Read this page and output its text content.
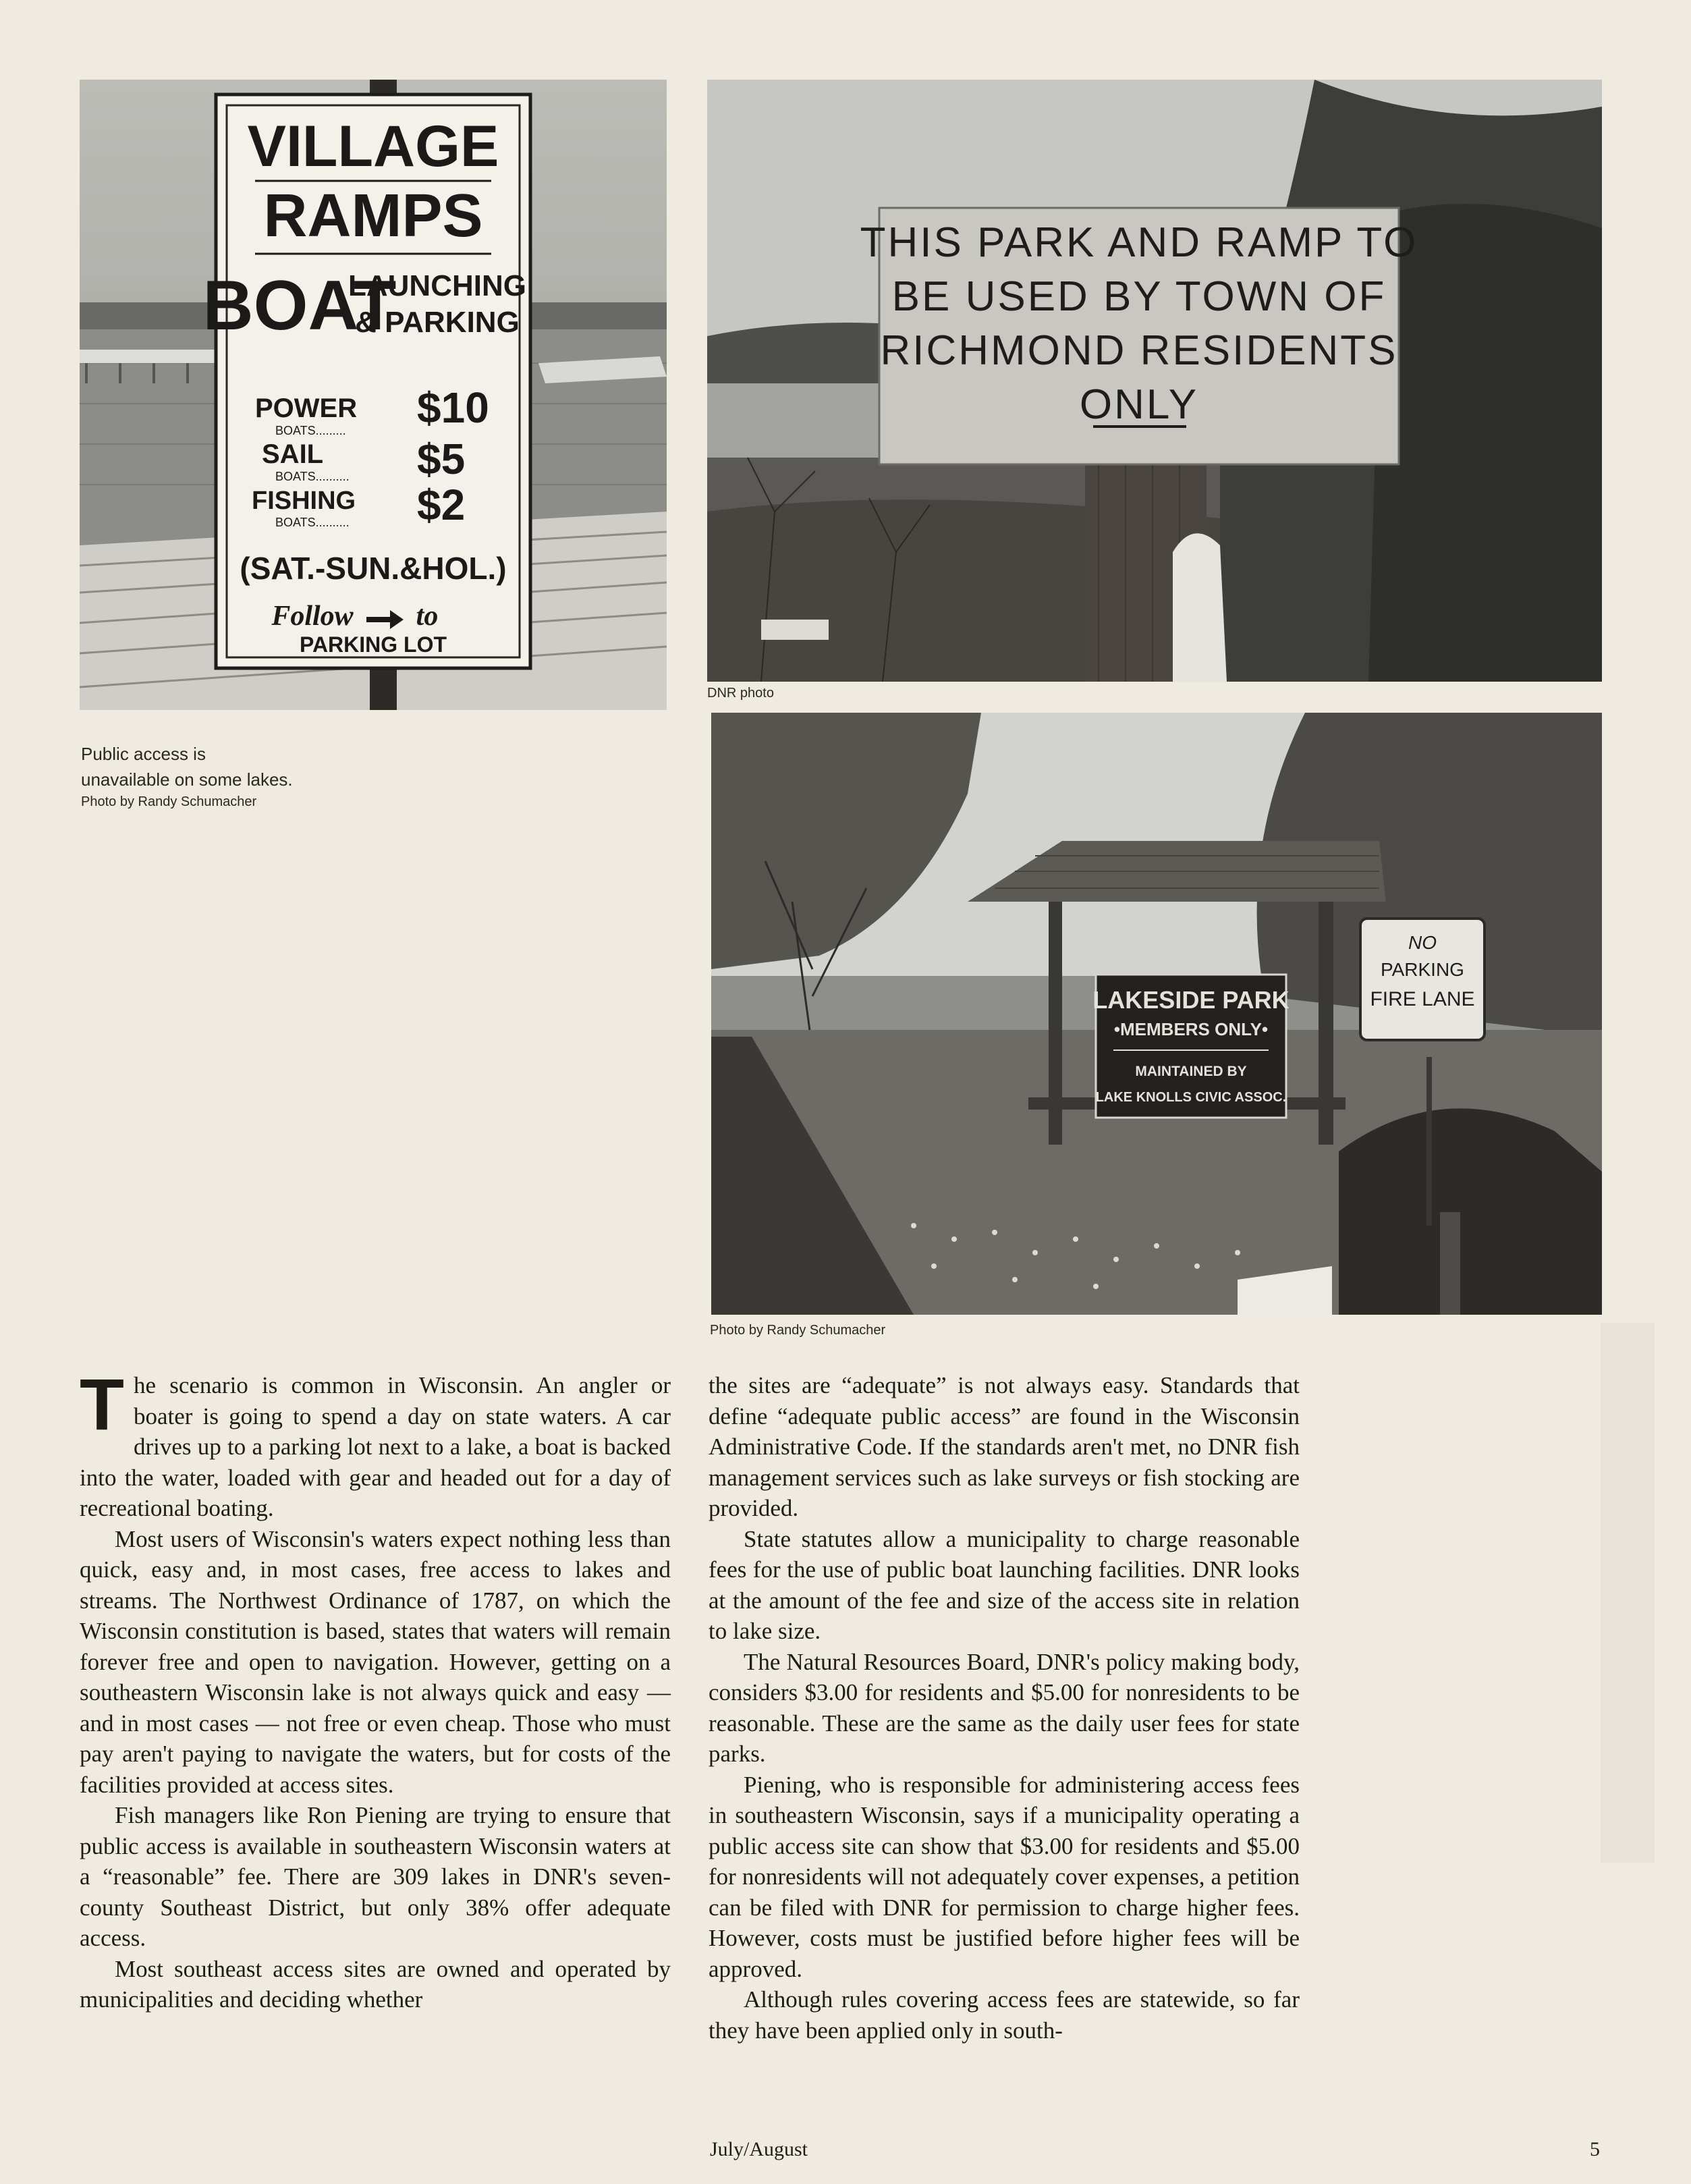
VILLAGE
RAMPS
BOAT
LAUNCHING
& PARKING
POWER
BOATS......... $10
SAIL
BOATS.......... $5
FISHING
BOATS.......... $2
(SAT.-SUN.&HOL.)
Follow to
PARKING LOT
THIS PARK AND RAMP TO
BE USED BY TOWN OF
RICHMOND RESIDENTS
ONLY
DNR photo
Public access is
unavailable on some lakes.
Photo by Randy Schumacher
LAKESIDE PARK
•MEMBERS ONLY•
MAINTAINED BY
LAKE KNOLLS CIVIC ASSOC.
NO
PARKING
FIRE LANE
Photo by Randy Schumacher

The scenario is common in Wisconsin. An angler or boater is going to spend a day on state waters. A car drives up to a parking lot next to a lake, a boat is backed into the water, loaded with gear and headed out for a day of recreational boating.

Most users of Wisconsin's waters expect nothing less than quick, easy and, in most cases, free access to lakes and streams. The Northwest Ordinance of 1787, on which the Wisconsin constitution is based, states that waters will remain forever free and open to navigation. However, getting on a southeastern Wisconsin lake is not always quick and easy — and in most cases — not free or even cheap. Those who must pay aren't paying to navigate the waters, but for costs of the facilities provided at access sites.

Fish managers like Ron Piening are trying to ensure that public access is available in southeastern Wisconsin waters at a “reasonable” fee. There are 309 lakes in DNR's seven-county Southeast District, but only 38% offer adequate access.

Most southeast access sites are owned and operated by municipalities and deciding whether

the sites are “adequate” is not always easy. Standards that define “adequate public access” are found in the Wisconsin Administrative Code. If the standards aren't met, no DNR fish management services such as lake surveys or fish stocking are provided.

State statutes allow a municipality to charge reasonable fees for the use of public boat launching facilities. DNR looks at the amount of the fee and size of the access site in relation to lake size.

The Natural Resources Board, DNR's policy making body, considers $3.00 for residents and $5.00 for nonresidents to be reasonable. These are the same as the daily user fees for state parks.

Piening, who is responsible for administering access fees in southeastern Wisconsin, says if a municipality operating a public access site can show that $3.00 for residents and $5.00 for nonresidents will not adequately cover expenses, a petition can be filed with DNR for permission to charge higher fees. However, costs must be justified before higher fees will be approved.

Although rules covering access fees are statewide, so far they have been applied only in south-

July/August	5
